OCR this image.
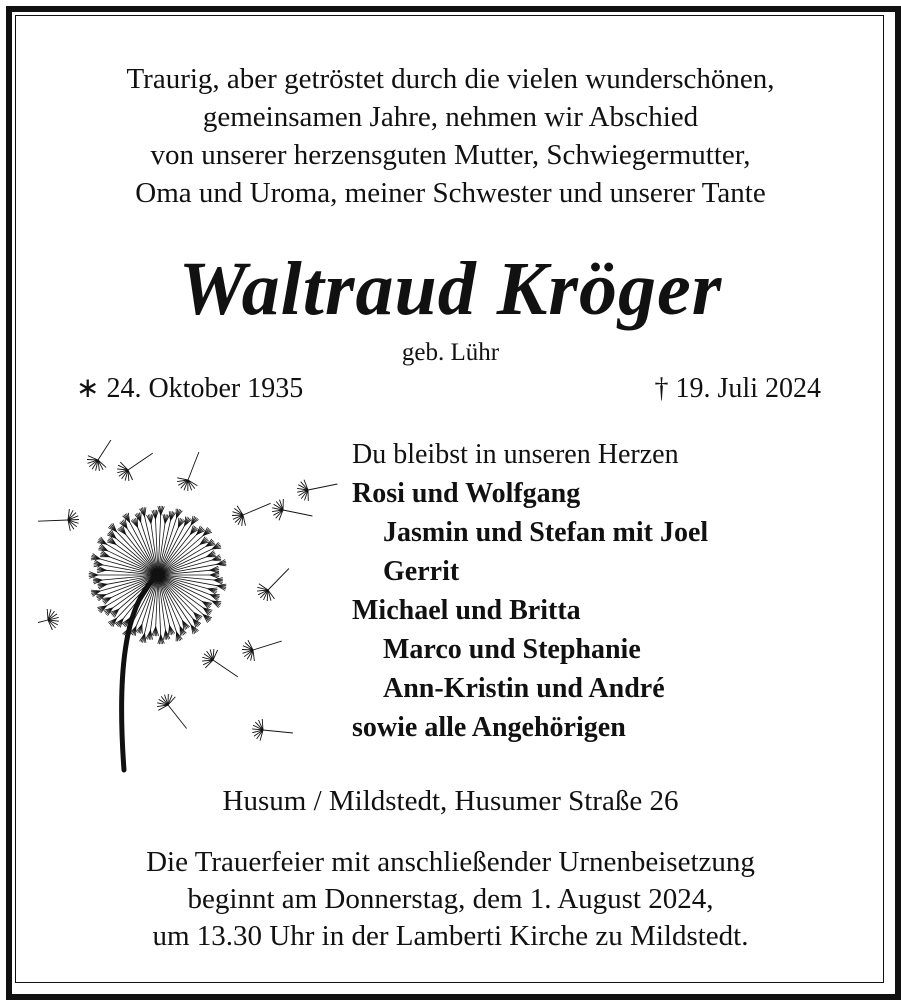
Traurig, aber getröstet durch die vielen wunderschönen,
gemeinsamen Jahre, nehmen wir Abschied
von unserer herzensguten Mutter, Schwiegermutter,
Oma und Uroma, meiner Schwester und unserer Tante
Waltraud Kröger
geb. Lühr
∗ 24. Oktober 1935	† 19. Juli 2024
Du bleibst in unseren Herzen
Rosi und Wolfgang
Jasmin und Stefan mit Joel
Gerrit
Michael und Britta
Marco und Stephanie
Ann-Kristin und André
sowie alle Angehörigen
Husum / Mildstedt, Husumer Straße 26
Die Trauerfeier mit anschließender Urnenbeisetzung
beginnt am Donnerstag, dem 1. August 2024,
um 13.30 Uhr in der Lamberti Kirche zu Mildstedt.
